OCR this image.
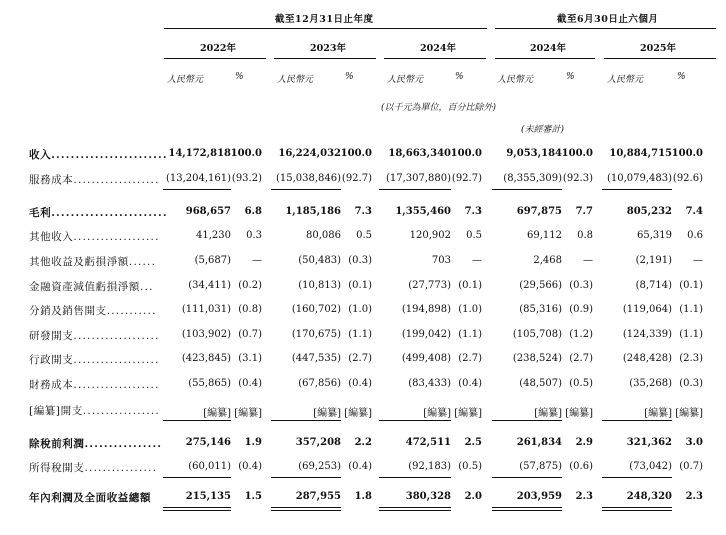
截至12月31日止年度	截至6月30日止六個月
2022年	2023年	2024年	2024年	2025年
人民幣元	%	人民幣元	%	人民幣元	%	人民幣元	%	人民幣元	%
(以千元為單位，百分比除外)
(未經審計)
收入........................ 14,172,818 100.0 16,224,032 100.0 18,663,340 100.0 9,053,184 100.0 10,884,715 100.0
服務成本................... (13,204,161) (93.2) (15,038,846) (92.7) (17,307,880) (92.7) (8,355,309) (92.3) (10,079,483) (92.6)
毛利........................ 968,657 6.8 1,185,186 7.3 1,355,460 7.3	697,875 7.7	805,232 7.4
其他收入...................	41,230 0.3	80,086 0.5	120,902 0.5	69,112 0.8	65,319 0.6
其他收益及虧損淨額......	(5,687) —	(50,483) (0.3)	703 —	2,468 —	(2,191) —
金融資產減值虧損淨額...	(34,411) (0.2)	(10,813) (0.1)	(27,773) (0.1)	(29,566) (0.3)	(8,714) (0.1)
分銷及銷售開支...........	(111,031) (0.8)	(160,702) (1.0)	(194,898) (1.0)	(85,316) (0.9)	(119,064) (1.1)
研發開支................... (103,902) (0.7)	(170,675) (1.1)	(199,042) (1.1)	(105,708) (1.2)	(124,339) (1.1)
行政開支................... (423,845) (3.1)	(447,535) (2.7)	(499,408) (2.7)	(238,524) (2.7)	(248,428) (2.3)
財務成本...................	(55,865) (0.4)	(67,856) (0.4)	(83,433) (0.4)	(48,507) (0.5)	(35,268) (0.3)
[編纂]開支.................	[編纂] [編纂]	[編纂] [編纂]	[編纂] [編纂]	[編纂] [編纂]	[編纂] [編纂]
除稅前利潤................ 275,146 1.9	357,208 2.2	472,511 2.5	261,834 2.9	321,362 3.0
所得稅開支................	(60,011) (0.4)	(69,253) (0.4)	(92,183) (0.5)	(57,875) (0.6)	(73,042) (0.7)
年內利潤及全面收益總額	215,135 1.5	287,955 1.8	380,328 2.0	203,959 2.3	248,320 2.3
